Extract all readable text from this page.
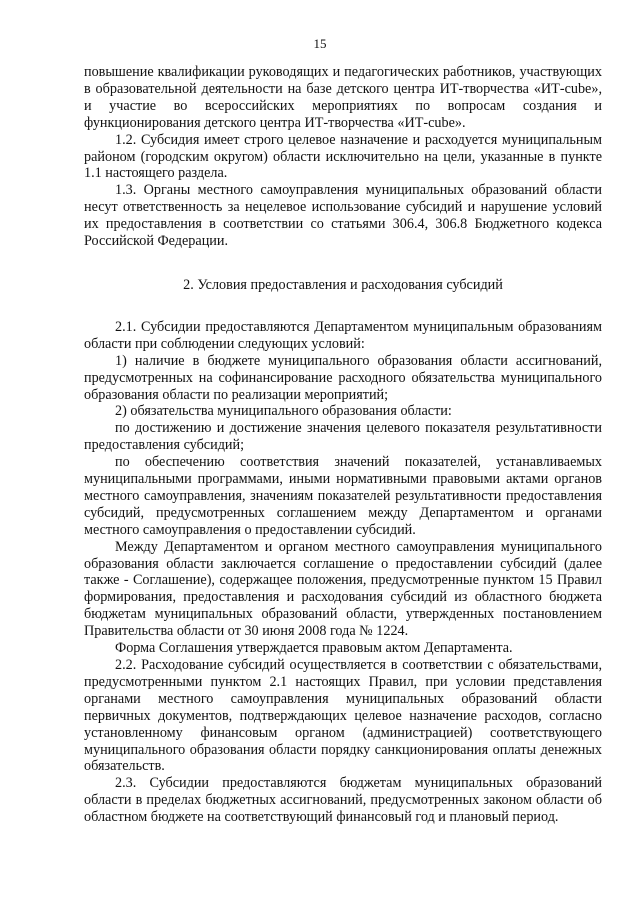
15

повышение квалификации руководящих и педагогических работников, участвующих в образовательной деятельности на базе детского центра ИТ-творчества «ИТ-cube», и участие во всероссийских мероприятиях по вопросам создания и функционирования детского центра ИТ-творчества «ИТ-cube».

1.2. Субсидия имеет строго целевое назначение и расходуется муниципальным районом (городским округом) области исключительно на цели, указанные в пункте 1.1 настоящего раздела.

1.3. Органы местного самоуправления муниципальных образований области несут ответственность за нецелевое использование субсидий и нарушение условий их предоставления в соответствии со статьями 306.4, 306.8 Бюджетного кодекса Российской Федерации.

2. Условия предоставления и расходования субсидий

2.1. Субсидии предоставляются Департаментом муниципальным образованиям области при соблюдении следующих условий:

1) наличие в бюджете муниципального образования области ассигнований, предусмотренных на софинансирование расходного обязательства муниципального образования области по реализации мероприятий;

2) обязательства муниципального образования области:

по достижению и достижение значения целевого показателя результативности предоставления субсидий;

по обеспечению соответствия значений показателей, устанавливаемых муниципальными программами, иными нормативными правовыми актами органов местного самоуправления, значениям показателей результативности предоставления субсидий, предусмотренных соглашением между Департаментом и органами местного самоуправления о предоставлении субсидий.

Между Департаментом и органом местного самоуправления муниципального образования области заключается соглашение о предоставлении субсидий (далее также - Соглашение), содержащее положения, предусмотренные пунктом 15 Правил формирования, предоставления и расходования субсидий из областного бюджета бюджетам муниципальных образований области, утвержденных постановлением Правительства области от 30 июня 2008 года № 1224.

Форма Соглашения утверждается правовым актом Департамента.

2.2. Расходование субсидий осуществляется в соответствии с обязательствами, предусмотренными пунктом 2.1 настоящих Правил, при условии представления органами местного самоуправления муниципальных образований области первичных документов, подтверждающих целевое назначение расходов, согласно установленному финансовым органом (администрацией) соответствующего муниципального образования области порядку санкционирования оплаты денежных обязательств.

2.3. Субсидии предоставляются бюджетам муниципальных образований области в пределах бюджетных ассигнований, предусмотренных законом области об областном бюджете на соответствующий финансовый год и плановый период.
